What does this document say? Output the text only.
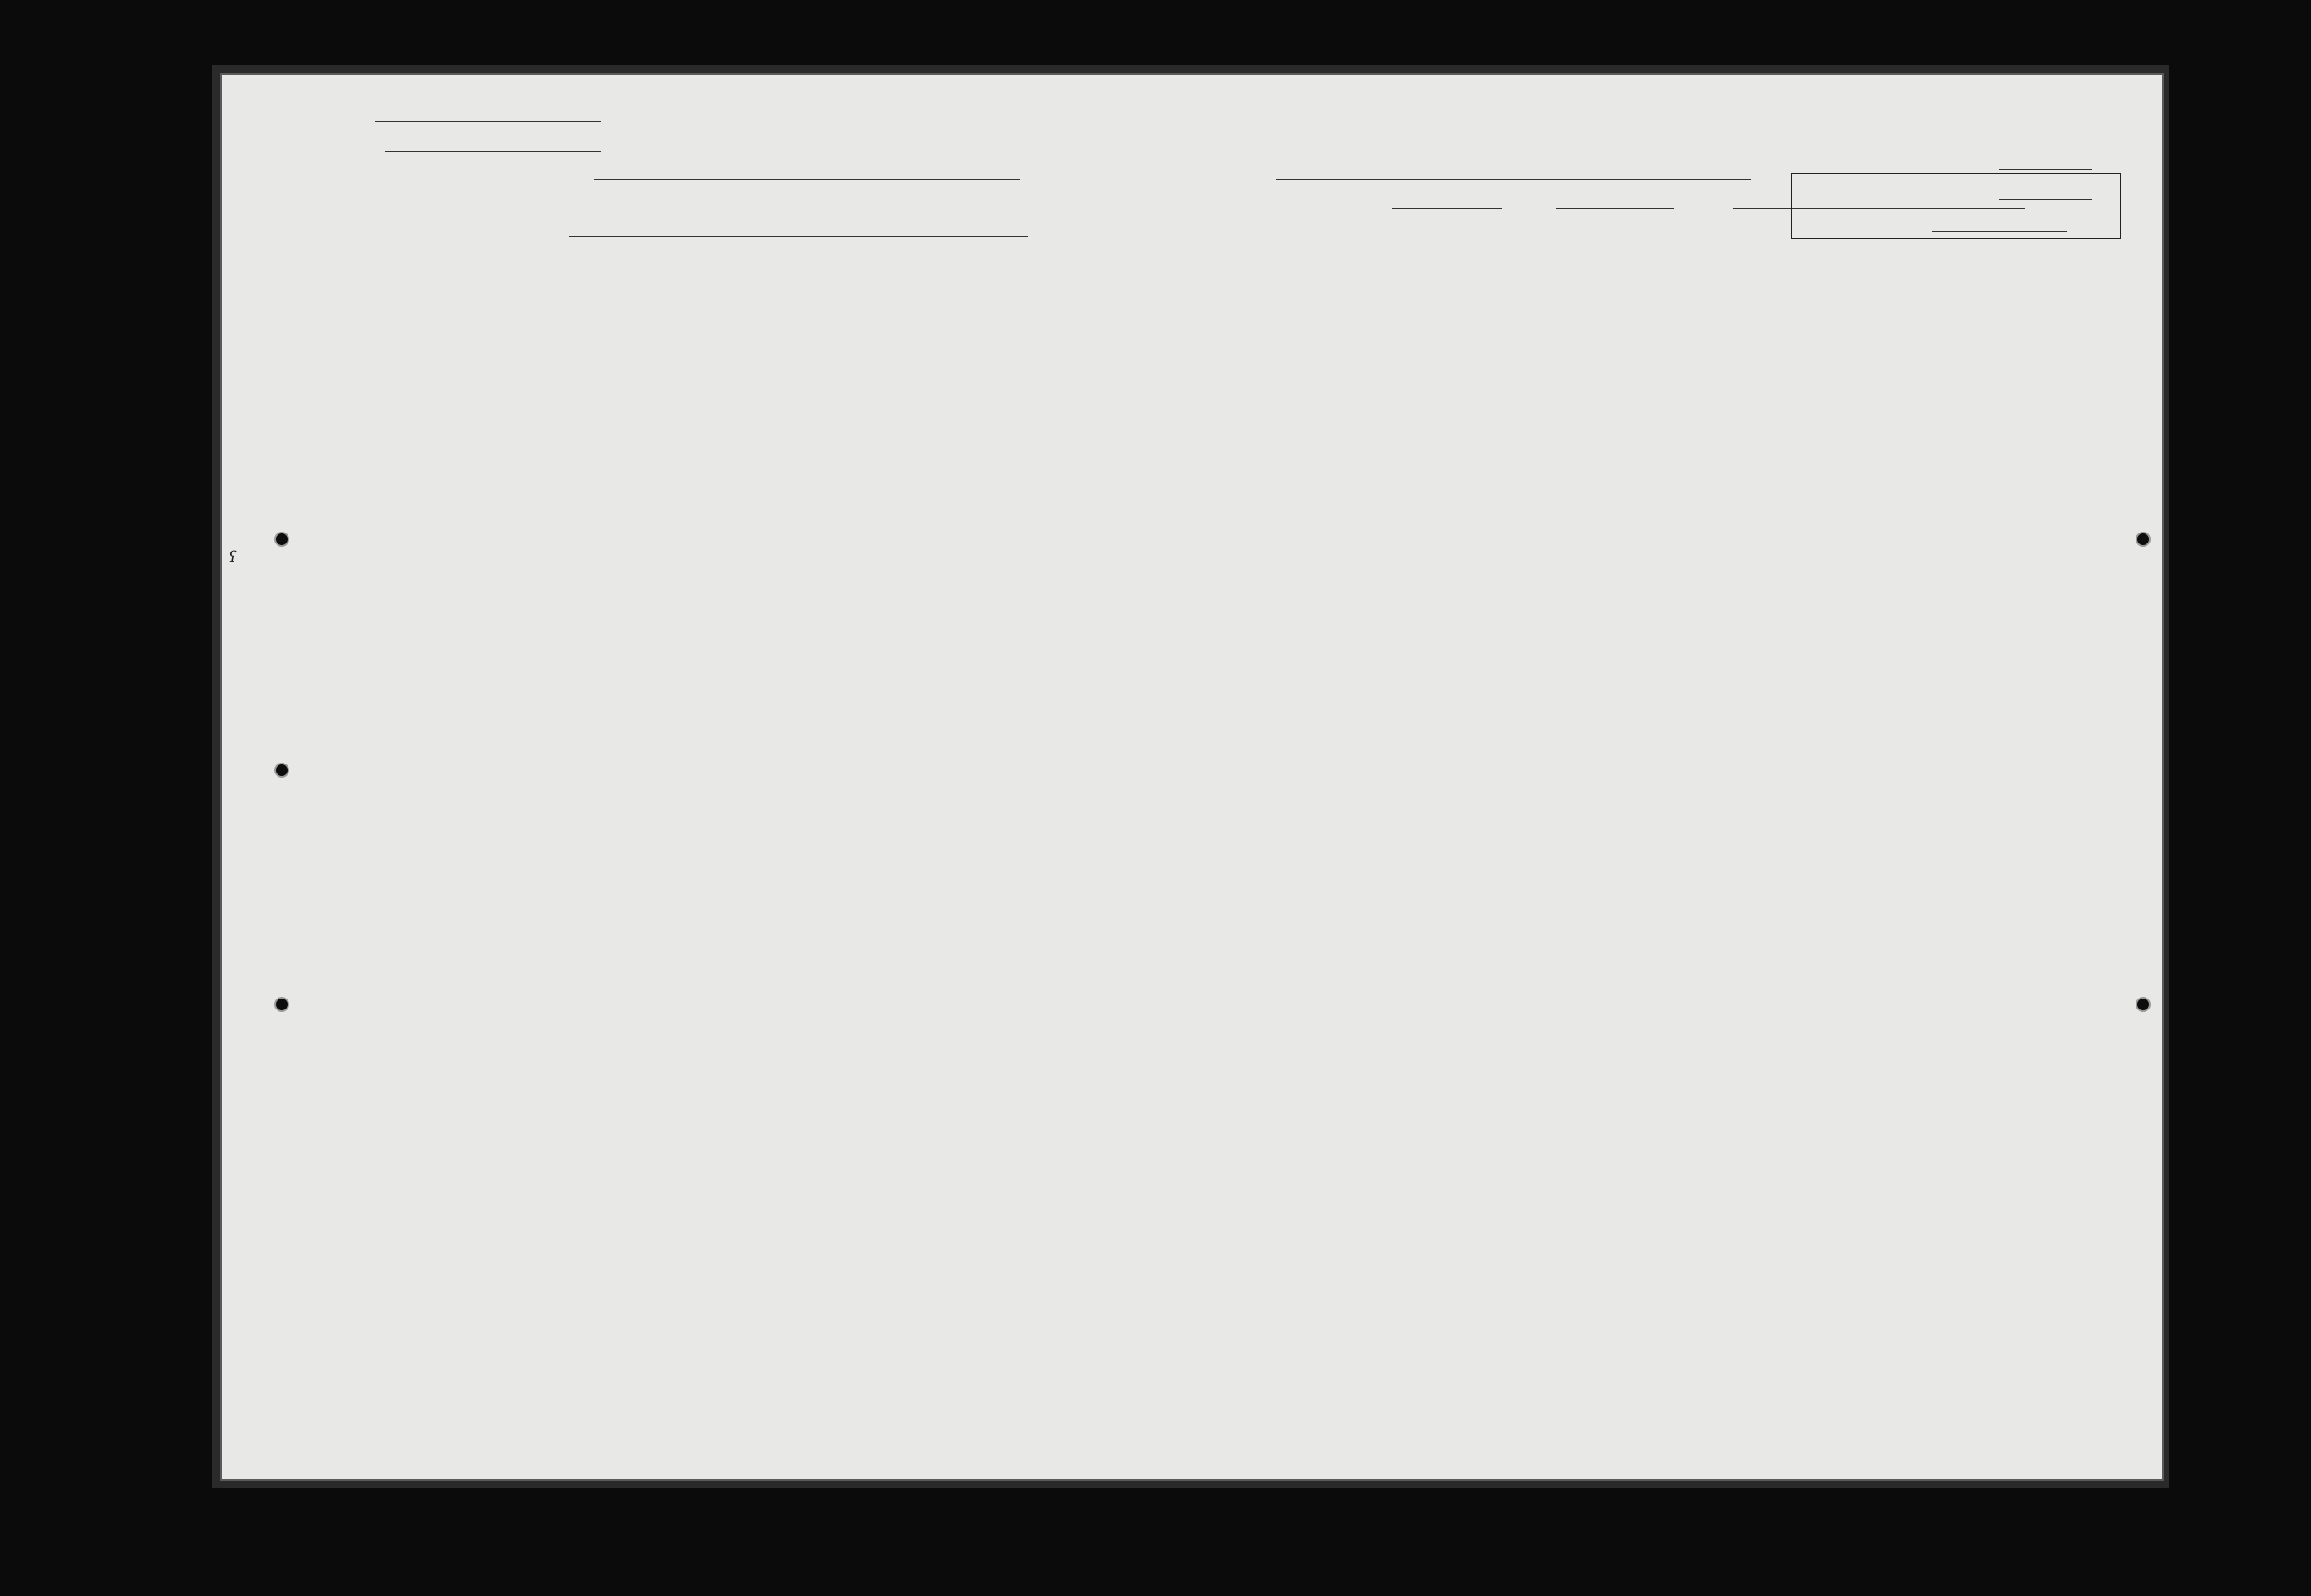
ʕ
